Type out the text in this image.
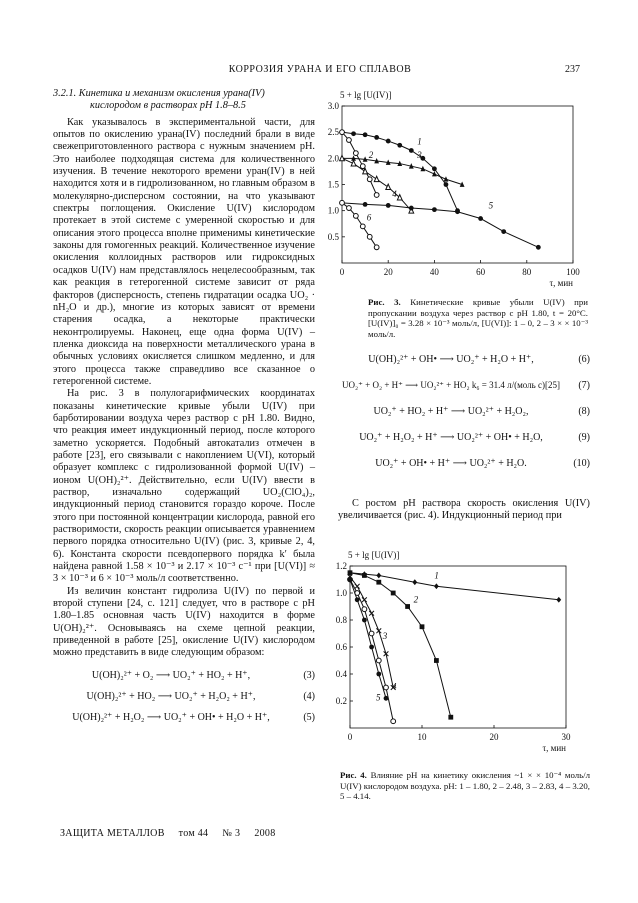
КОРРОЗИЯ УРАНА И ЕГО СПЛАВОВ	237
3.2.1. Кинетика и механизм окисления урана(IV)
кислородом в растворах рН 1.8–8.5

Как указывалось в экспериментальной части, для опытов по окислению урана(IV) последний брали в виде свежеприготовленного раствора с нужным значением pH. Это наиболее подходящая система для количественного изучения. В течение некоторого времени уран(IV) в ней находится хотя и в гидролизованном, но главным образом в молекулярно-дисперсном состоянии, на что указывают спектры поглощения. Окисление U(IV) кислородом протекает в этой системе с умеренной скоростью и для описания этого процесса вполне применимы кинетические законы для гомогенных реакций. Количественное изучение окисления коллоидных растворов или гидроксидных осадков U(IV) нам представлялось нецелесообразным, так как реакция в гетерогенной системе зависит от ряда факторов (дисперсность, степень гидратации осадка UO₂ · nH₂O и др.), многие из которых зависят от времени старения осадка, а некоторые практически неконтролируемы. Наконец, еще одна форма U(IV) – пленка диоксида на поверхности металлического урана в обычных условиях окисляется слишком медленно, и для этого процесса также справедливо все сказанное о гетерогенной системе.

На рис. 3 в полулогарифмических координатах показаны кинетические кривые убыли U(IV) при барботировании воздуха через раствор с pH 1.80. Видно, что реакция имеет индукционный период, после которого заметно ускоряется. Подобный автокатализ отмечен в работе [23], его связывали с накоплением U(VI), который образует комплекс с гидролизованной формой U(IV) – ионом U(OH)₂²⁺. Действительно, если U(IV) ввести в раствор, изначально содержащий UO₂(ClO₄)₂, индукционный период становится гораздо короче. После этого при постоянной концентрации кислорода, равной его растворимости, скорость реакции описывается уравнением первого порядка относительно U(IV) (рис. 3, кривые 2, 4, 6). Константа скорости псевдопервого порядка k′ была найдена равной 1.58 × 10⁻³ и 2.17 × 10⁻³ с⁻¹ при [U(VI)] ≈ 3 × 10⁻³ и 6 × 10⁻³ моль/л соответственно.

Из величин констант гидролиза U(IV) по первой и второй ступени [24, с. 121] следует, что в растворе с pH 1.80–1.85 основная часть U(IV) находится в форме U(OH)₂²⁺. Основываясь на схеме цепной реакции, приведенной в работе [25], окисление U(IV) кислородом можно представить в виде следующим образом:

U(OH)₂²⁺ + O₂ ⟶ UO₂⁺ + HO₂ + H⁺,	(3)
U(OH)₂²⁺ + HO₂ ⟶ UO₂⁺ + H₂O₂ + H⁺,	(4)
U(OH)₂²⁺ + H₂O₂ ⟶ UO₂⁺ + OH• + H₂O + H⁺,	(5)
5 + lg [U(IV)]
0.5
1.0
1.5
2.0
2.5
3.0
0	20	40	60	80	100
τ, мин
1
2	3
4
5
6
Рис. 3. Кинетические кривые убыли U(IV) при пропускании воздуха через раствор с pH 1.80, t = 20°C. [U(IV)]₀ = 3.28 × 10⁻³ моль/л, [U(VI)]: 1 – 0, 2 – 3 × × 10⁻³ моль/л.
U(OH)₂²⁺ + OH• ⟶ UO₂⁺ + H₂O + H⁺,	(6)
UO₂⁺ + O₂ + H⁺ ⟶ UO₂²⁺ + HO₂ k₆ = 31.4 л/(моль с)[25]	(7)
UO₂⁺ + HO₂ + H⁺ ⟶ UO₂²⁺ + H₂O₂,	(8)
UO₂⁺ + H₂O₂ + H⁺ ⟶ UO₂²⁺ + OH• + H₂O,	(9)
UO₂⁺ + OH• + H⁺ ⟶ UO₂²⁺ + H₂O.	(10)

С ростом pH раствора скорость окисления U(IV) увеличивается (рис. 4). Индукционный период при

5 + lg [U(IV)]
0.2
0.4
0.6
0.8
1.0
1.2
0	10	20	30
τ, мин
1
2
3
4
5
Рис. 4. Влияние pH на кинетику окисления ~1 × × 10⁻⁴ моль/л U(IV) кислородом воздуха. pH: 1 – 1.80, 2 – 2.48, 3 – 2.83, 4 – 3.20, 5 – 4.14.
ЗАЩИТА МЕТАЛЛОВ том 44 № 3 2008
